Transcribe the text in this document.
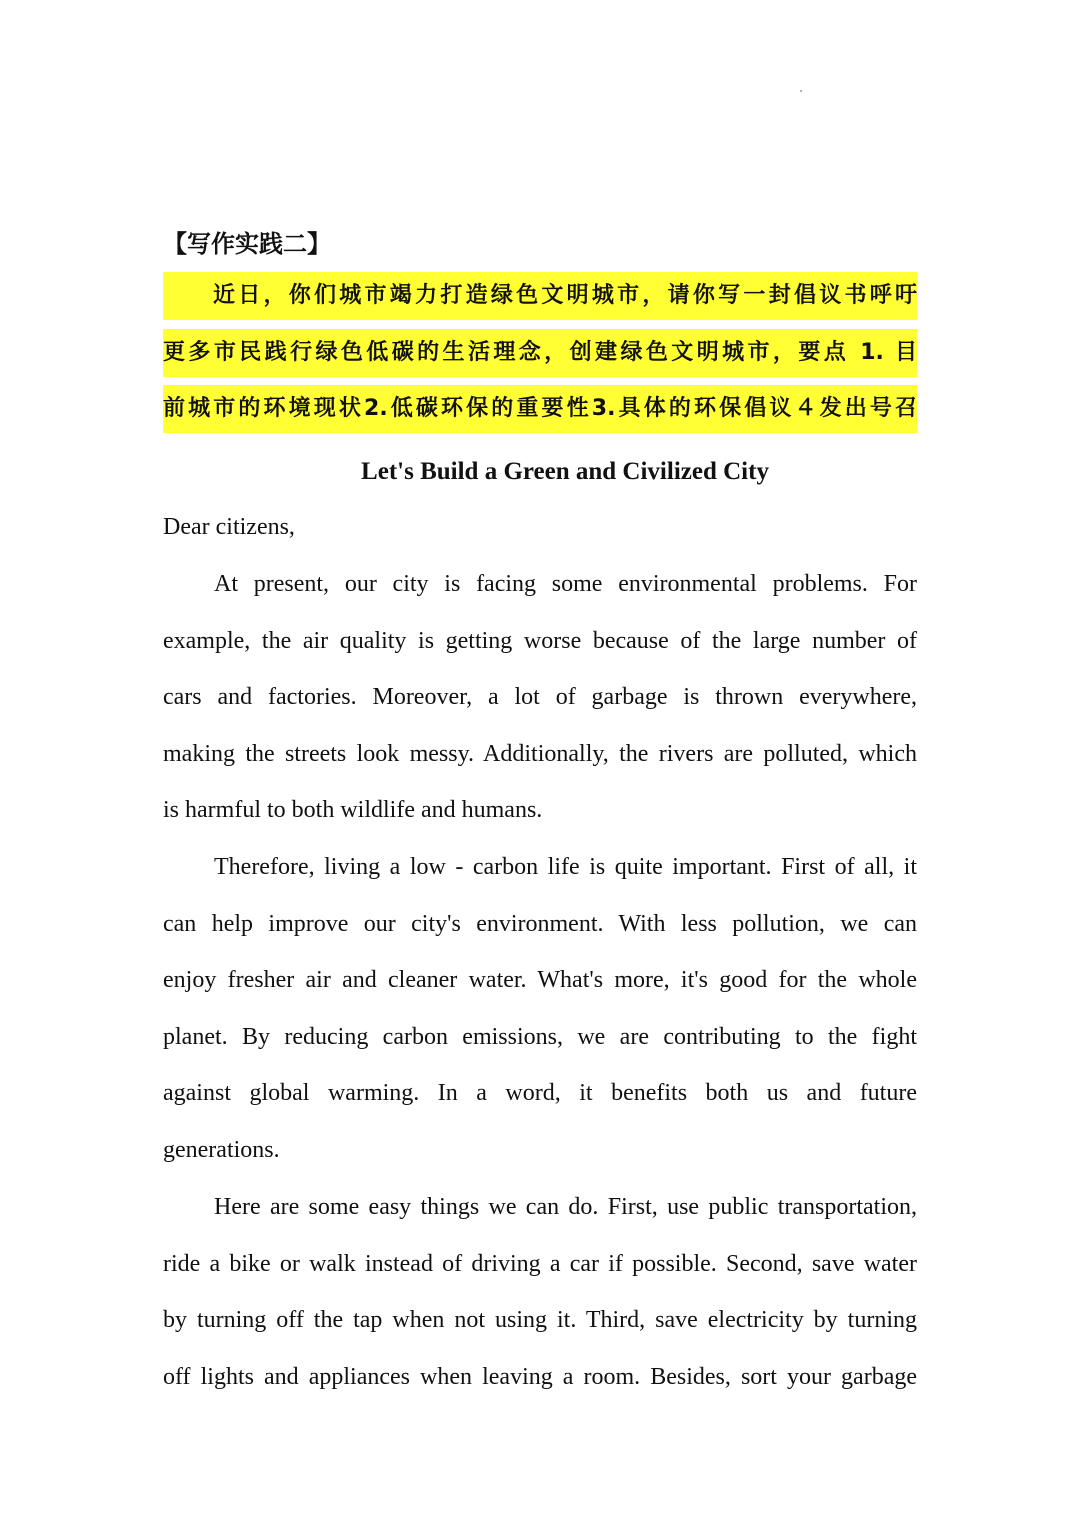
【写作实践二】
近日，你们城市竭力打造绿色文明城市，请你写一封倡议书呼吁
更多市民践行绿色低碳的生活理念，创建绿色文明城市，要点 1. 目
前城市的环境现状2.低碳环保的重要性3.具体的环保倡议４发出号召
Let's Build a Green and Civilized City
Dear citizens,
At present, our city is facing some environmental problems. For
example, the air quality is getting worse because of the large number of
cars and factories. Moreover, a lot of garbage is thrown everywhere,
making the streets look messy. Additionally, the rivers are polluted, which
is harmful to both wildlife and humans.
Therefore, living a low - carbon life is quite important. First of all, it
can help improve our city's environment. With less pollution, we can
enjoy fresher air and cleaner water. What's more, it's good for the whole
planet. By reducing carbon emissions, we are contributing to the fight
against global warming. In a word, it benefits both us and future
generations.
Here are some easy things we can do. First, use public transportation,
ride a bike or walk instead of driving a car if possible. Second, save water
by turning off the tap when not using it. Third, save electricity by turning
off lights and appliances when leaving a room. Besides, sort your garbage
